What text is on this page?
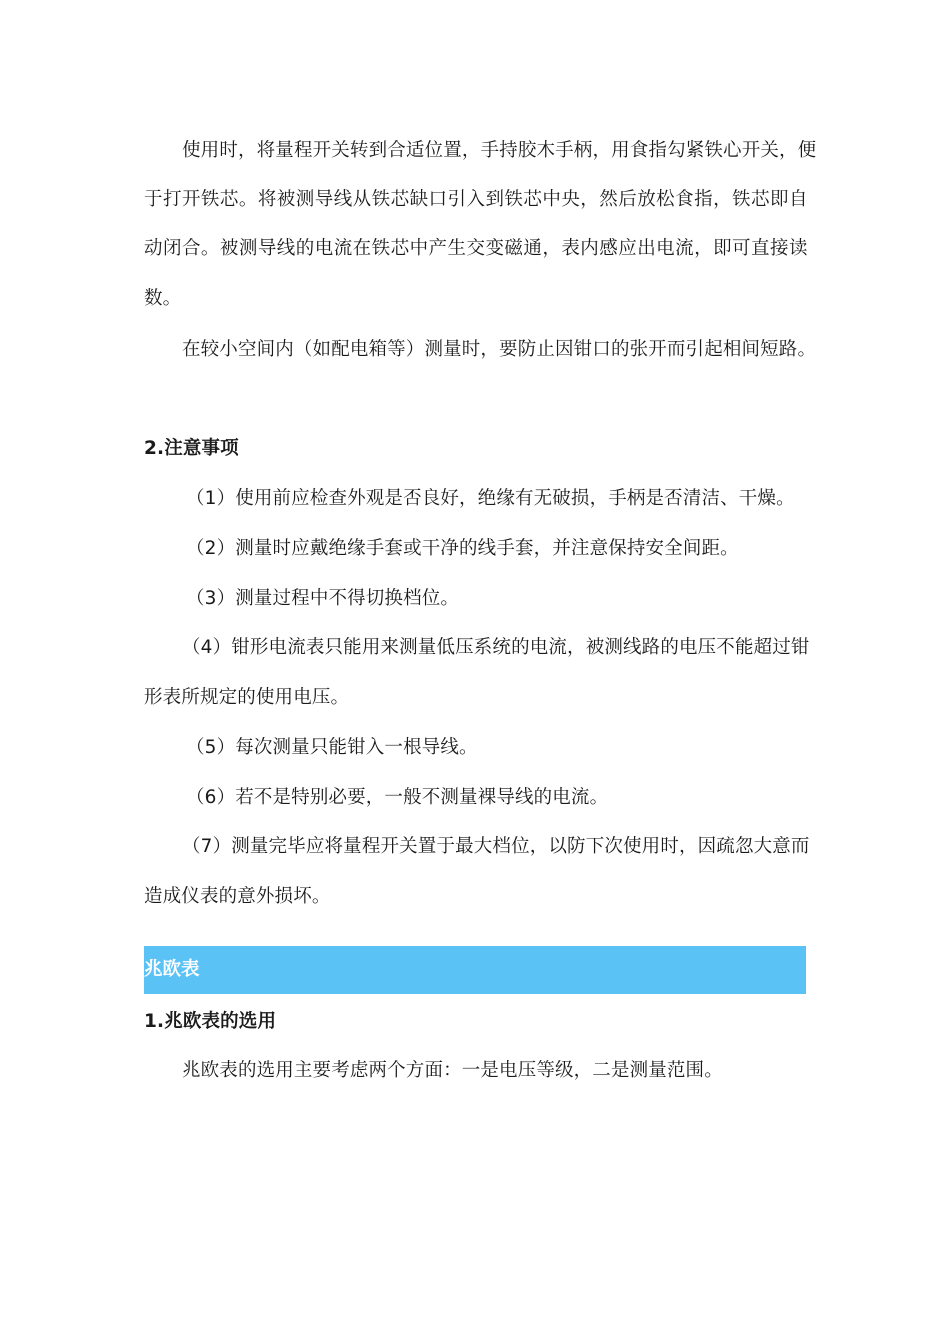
使 用 时 ， 将 量 程 开 关 转 到 合 适 位 置 ， 手 持 胶 木 手 柄 ， 用 食 指 勾 紧 铁 心 开 关 ， 便
于 打 开 铁 芯 。 将 被 测 导 线 从 铁 芯 缺 口 引 入 到 铁 芯 中 央 ， 然 后 放 松 食 指 ， 铁 芯 即 自
动 闭 合 。 被 测 导 线 的 电 流 在 铁 芯 中 产 生 交 变 磁 通 ， 表 内 感 应 出 电 流 ， 即 可 直 接 读
数。
在较小空间内（如配电箱等）测量时，要防止因钳口的张开而引起相间短路。
2.注意事项
（1）使用前应检查外观是否良好，绝缘有无破损，手柄是否清洁、干燥。
（2）测量时应戴绝缘手套或干净的线手套，并注意保持安全间距。
（3）测量过程中不得切换档位。
（ 4 ） 钳 形 电 流 表 只 能 用 来 测 量 低 压 系 统 的 电 流 ， 被 测 线 路 的 电 压 不 能 超 过 钳
形表所规定的使用电压。
（5）每次测量只能钳入一根导线。
（6）若不是特别必要，一般不测量裸导线的电流。
（ 7 ） 测 量 完 毕 应 将 量 程 开 关 置 于 最 大 档 位 ， 以 防 下 次 使 用 时 ， 因 疏 忽 大 意 而
造成仪表的意外损坏。
兆欧表
1.兆欧表的选用
兆欧表的选用主要考虑两个方面：一是电压等级，二是测量范围。
